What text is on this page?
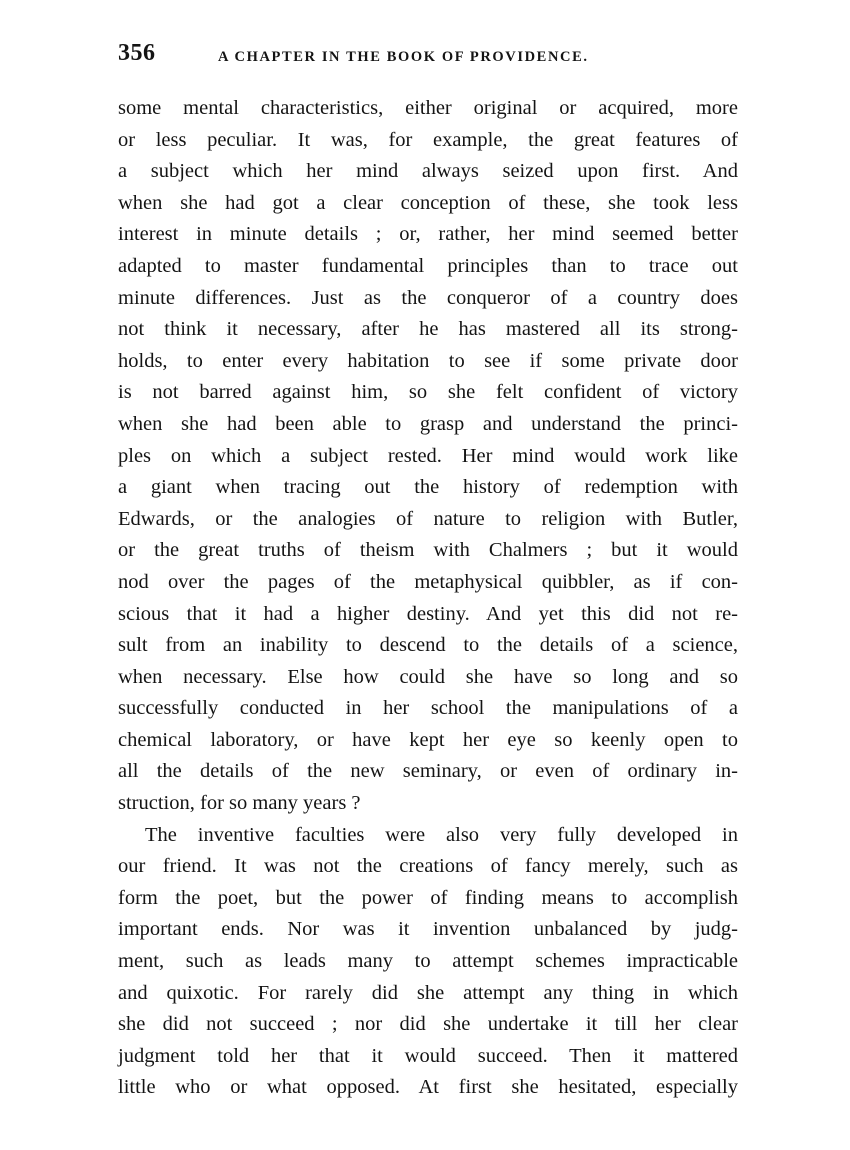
356	A CHAPTER IN THE BOOK OF PROVIDENCE.
some mental characteristics, either original or acquired, more
or less peculiar. It was, for example, the great features of
a subject which her mind always seized upon first. And
when she had got a clear conception of these, she took less
interest in minute details ; or, rather, her mind seemed better
adapted to master fundamental principles than to trace out
minute differences. Just as the conqueror of a country does
not think it necessary, after he has mastered all its strong-
holds, to enter every habitation to see if some private door
is not barred against him, so she felt confident of victory
when she had been able to grasp and understand the princi-
ples on which a subject rested. Her mind would work like
a giant when tracing out the history of redemption with
Edwards, or the analogies of nature to religion with Butler,
or the great truths of theism with Chalmers ; but it would
nod over the pages of the metaphysical quibbler, as if con-
scious that it had a higher destiny. And yet this did not re-
sult from an inability to descend to the details of a science,
when necessary. Else how could she have so long and so
successfully conducted in her school the manipulations of a
chemical laboratory, or have kept her eye so keenly open to
all the details of the new seminary, or even of ordinary in-
struction, for so many years ?
The inventive faculties were also very fully developed in
our friend. It was not the creations of fancy merely, such as
form the poet, but the power of finding means to accomplish
important ends. Nor was it invention unbalanced by judg-
ment, such as leads many to attempt schemes impracticable
and quixotic. For rarely did she attempt any thing in which
she did not succeed ; nor did she undertake it till her clear
judgment told her that it would succeed. Then it mattered
little who or what opposed. At first she hesitated, especially
